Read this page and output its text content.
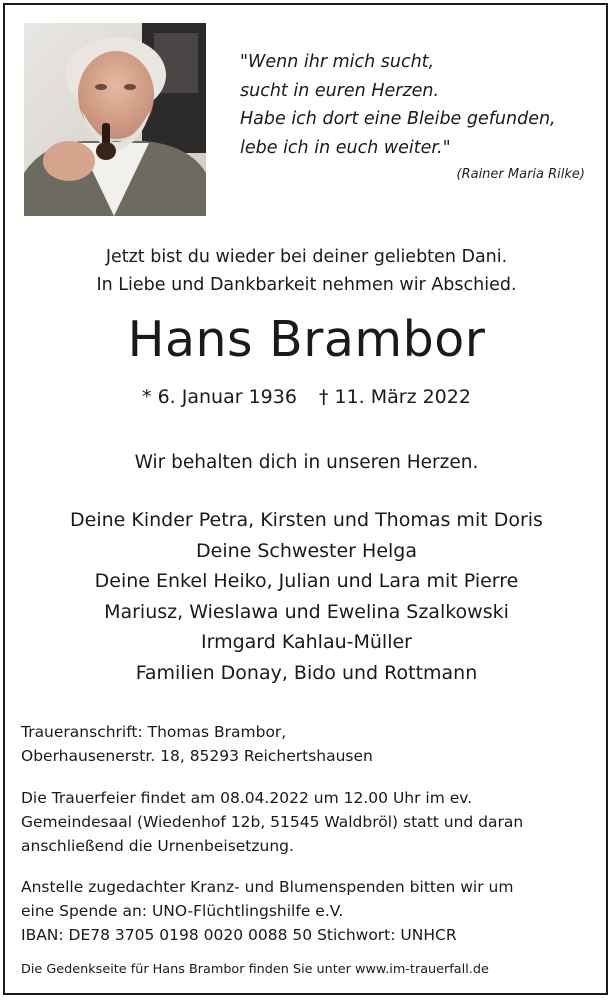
"Wenn ihr mich sucht,
sucht in euren Herzen.
Habe ich dort eine Bleibe gefunden,
lebe ich in euch weiter."
(Rainer Maria Rilke)
Jetzt bist du wieder bei deiner geliebten Dani.
In Liebe und Dankbarkeit nehmen wir Abschied.
Hans Brambor
* 6. Januar 1936 † 11. März 2022
Wir behalten dich in unseren Herzen.
Deine Kinder Petra, Kirsten und Thomas mit Doris
Deine Schwester Helga
Deine Enkel Heiko, Julian und Lara mit Pierre
Mariusz, Wieslawa und Ewelina Szalkowski
Irmgard Kahlau-Müller
Familien Donay, Bido und Rottmann
Traueranschrift: Thomas Brambor,
Oberhausenerstr. 18, 85293 Reichertshausen
Die Trauerfeier findet am 08.04.2022 um 12.00 Uhr im ev.
Gemeindesaal (Wiedenhof 12b, 51545 Waldbröl) statt und daran
anschließend die Urnenbeisetzung.
Anstelle zugedachter Kranz- und Blumenspenden bitten wir um
eine Spende an: UNO-Flüchtlingshilfe e.V.
IBAN: DE78 3705 0198 0020 0088 50 Stichwort: UNHCR
Die Gedenkseite für Hans Brambor finden Sie unter www.im-trauerfall.de
